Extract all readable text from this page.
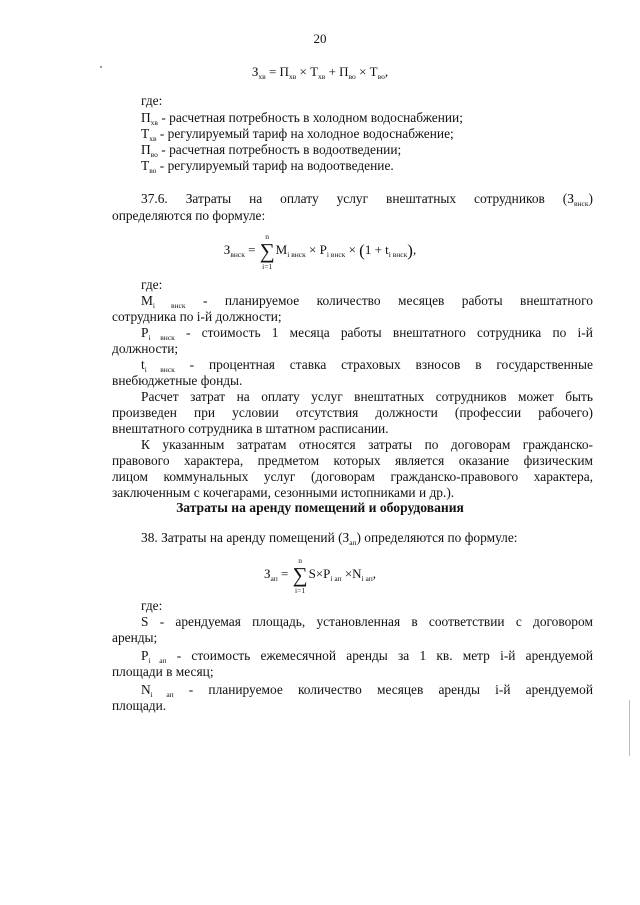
20
$З_{хв} = П_{хв} \times Т_{хв} + П_{во} \times Т_{во}$,
где:
$П_{хв}$ - расчетная потребность в холодном водоснабжении;
$Т_{хв}$ - регулируемый тариф на холодное водоснабжение;
$П_{во}$ - расчетная потребность в водоотведении;
$Т_{во}$ - регулируемый тариф на водоотведение.
37.6. Затраты на оплату услуг внештатных сотрудников $(З_{внск})$
определяются по формуле:
$З_{внск}$ =
n
∑
i=1
$M_{i внск} \times P_{i внск} \times (1 + t_{i внск})$,
где:
$M_{i внск}$ - планируемое количество месяцев работы внештатного
сотрудника по i-й должности;
$P_{i внск}$ - стоимость 1 месяца работы внештатного сотрудника по i-й
должности;
$t_{i внск}$ - процентная ставка страховых взносов в государственные
внебюджетные фонды.
Расчет затрат на оплату услуг внештатных сотрудников может быть
произведен при условии отсутствия должности (профессии рабочего)
внештатного сотрудника в штатном расписании.
К указанным затратам относятся затраты по договорам гражданско-
правового характера, предметом которых является оказание физическим
Затраты на аренду помещений и оборудования
38. Затраты на аренду помещений $(З_{ап})$ определяются по формуле:
$З_{ап}$ =
n
∑
i=1
$S\times P_{i ап} \times N_{i ап}$,
где:
S - арендуемая площадь, установленная в соответствии с договором
аренды;
$P_{i ап}$ - стоимость ежемесячной аренды за 1 кв. метр i-й арендуемой
площади в месяц;
$N_{i ап}$ - планируемое количество месяцев аренды i-й арендуемой
площади.
лицом коммунальных услуг (договорам гражданско-правового характера,
заключенным с кочегарами, сезонными истопниками и др.).
